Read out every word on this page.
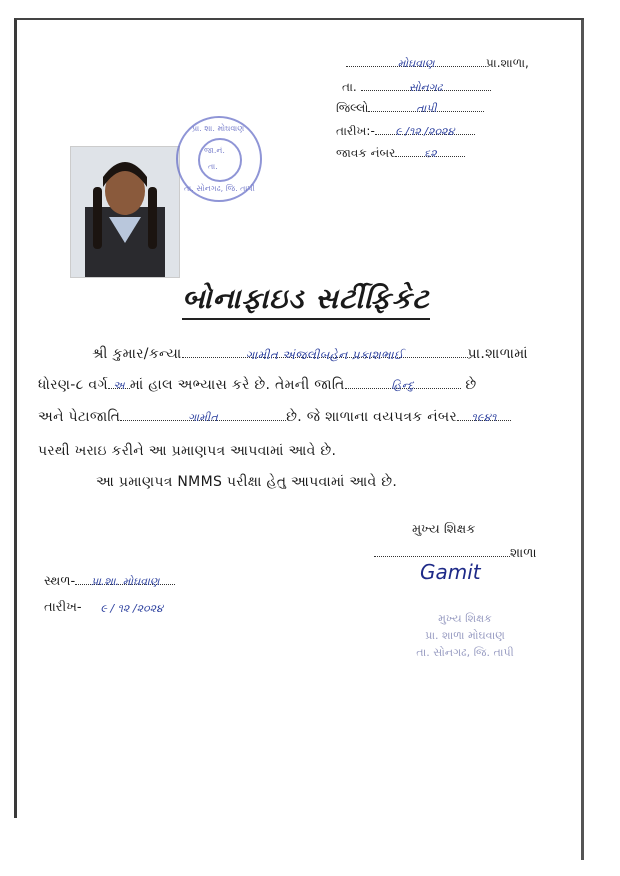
મોઘવાણ	પ્રા.શાળા,
તા.	સોનગઢ
જિલ્લો	તાપી
તારીખ:-	૯ /૧૨ /૨૦૨૪
જાવક નંબર	૬૨
પ્રા. શા. મોઘવાણ
જા.નં.
તા.
તા. સોનગઢ, જિ. તાપી
બોનાફાઇડ સર્ટીફિકેટ
શ્રી કુમાર/કન્યા	ગામીત અંજલીબહેન પ્રકાશભાઈ	પ્રા.શાળામાં
ધોરણ-૮ વર્ગ અ માં હાલ અભ્યાસ કરે છે. તેમની જાતિ	હિન્દુ	છે
અને પેટાજાતિ	ગામીત	છે. જે શાળાના વયપત્રક નંબર	૧૯૪૧
પરથી ખરાઇ કરીને આ પ્રમાણપત્ર આપવામાં આવે છે.
આ પ્રમાણપત્ર NMMS પરીક્ષા હેતુ આપવામાં આવે છે.
મુખ્ય શિક્ષક
શાળા
સ્થળ-	પ્રા.શા. મોઘવાણ
તારીખ-	૯ / ૧૨ /૨૦૨૪
Gamit
મુખ્ય શિક્ષક
પ્રા. શાળા મોઘવાણ
તા. સોનગઢ, જિ. તાપી
